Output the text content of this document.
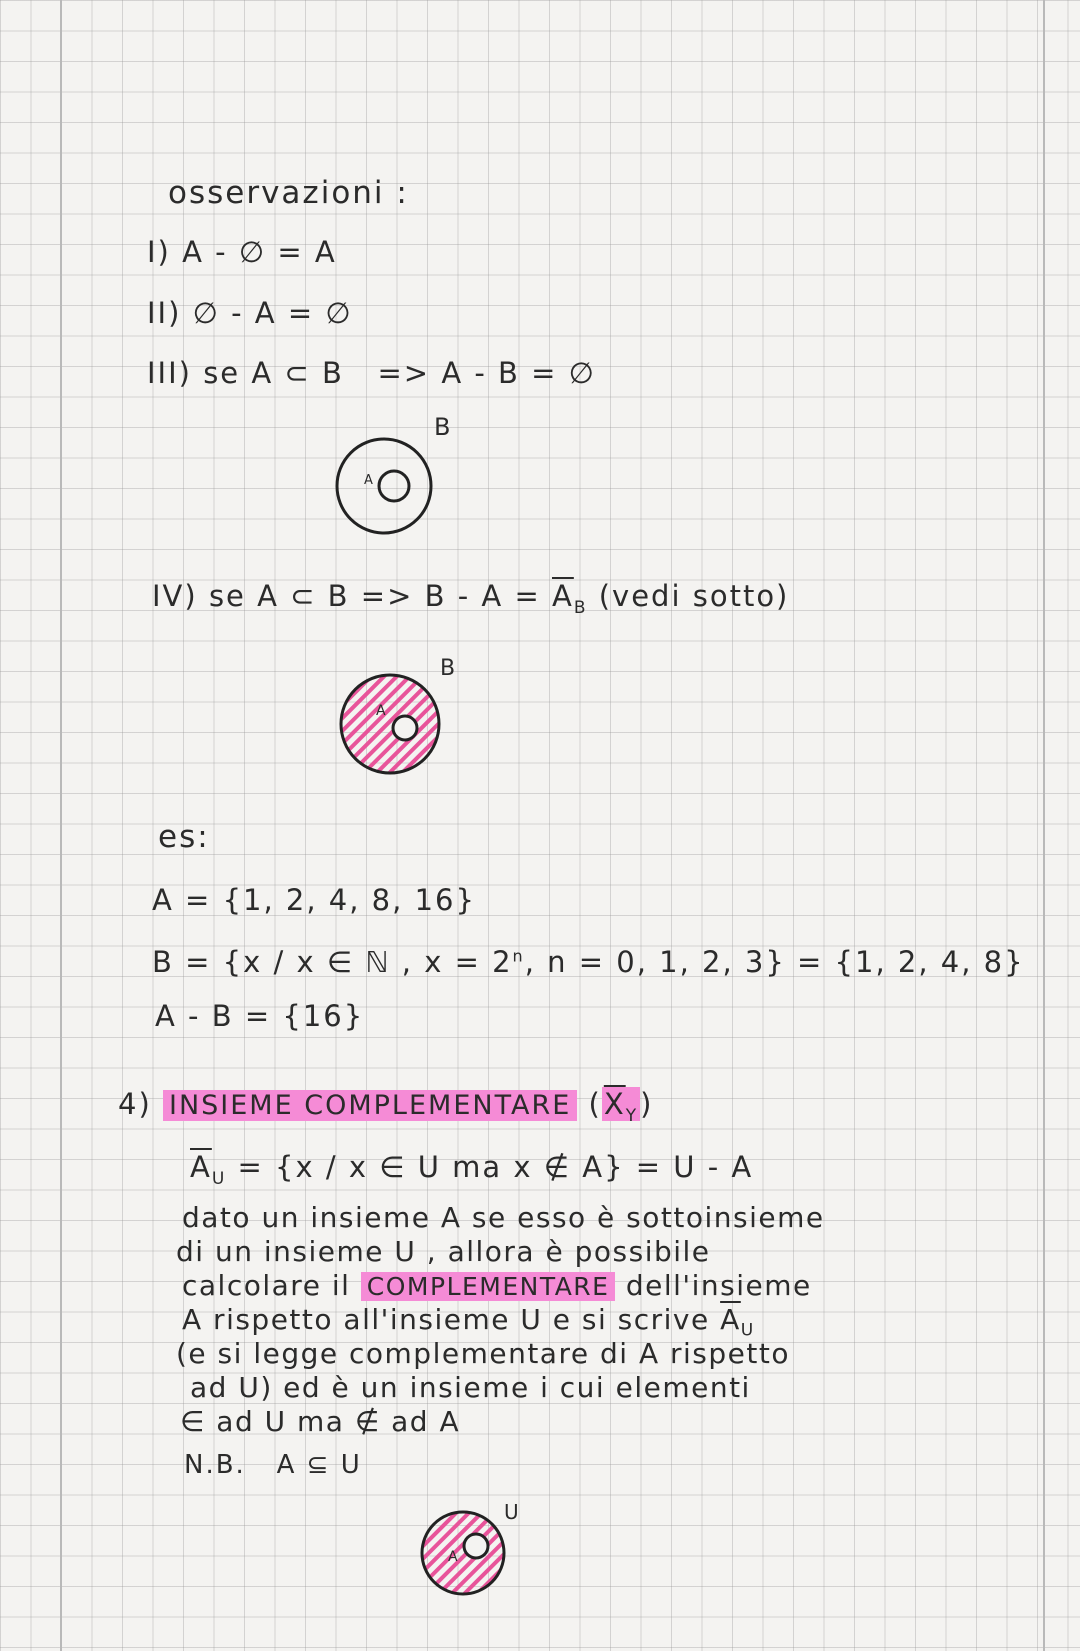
osservazioni :
I) A - ∅ = A
II) ∅ - A = ∅
III) se A ⊂ B => A - B = ∅
B
A
IV) se A ⊂ $B => B - A = \overline{A}_B$ (vedi sotto)
B
A
es:
A = {1, 2, 4, 8, 16}
B = {x / x ∈ ℕ , $x = 2^n$, n = 0, 1, 2, 3} = {1, 2, 4, 8}
A - B = {16}
4) INSIEME COMPLEMENTARE $(\overline{X}_Y)$
$\overline{A}_U = \{x / x$ ∈ U ma x ∉ A} = U - A
dato un insieme A se esso è sottoinsieme
di un insieme U , allora è possibile
calcolare il COMPLEMENTARE dell'insieme
A rispetto all'insieme U e si scrive $\overline{A}_U$
(e si legge complementare di A rispetto
ad U) ed è un insieme i cui elementi
∈ ad U ma ∉ ad A
N.B. A ⊆ U
U
A
